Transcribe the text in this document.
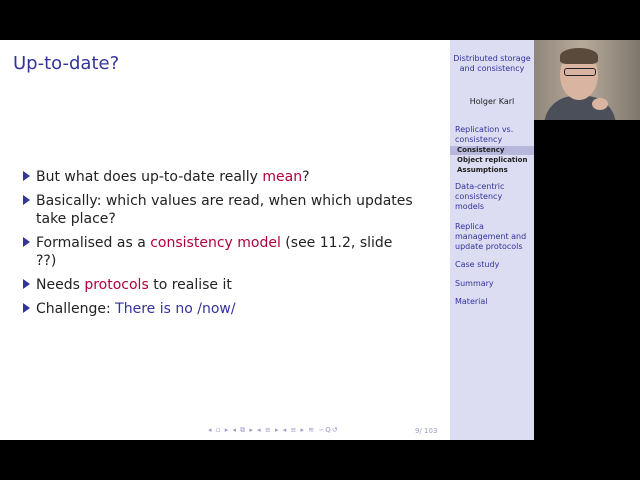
Up-to-date?
But what does up-to-date really mean?
Basically: which values are read, when which updates take place?
Formalised as a consistency model (see 11.2, slide ??)
Needs protocols to realise it
Challenge: There is no /now/
◂ ▫ ▸ ◂ ⧉ ▸ ◂ ≡ ▸ ◂ ≡ ▸ ≋ ∽Q↺	9/ 103
Distributed storage and consistency
Holger Karl
Replication vs. consistency
Consistency
Object replication
Assumptions
Data-centric consistency models
Replica management and update protocols
Case study
Summary
Material
